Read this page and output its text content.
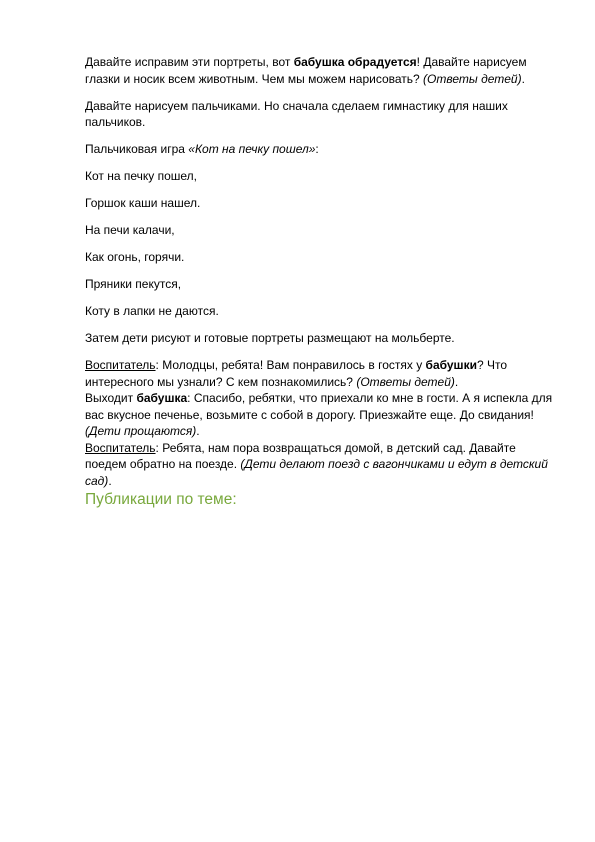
Давайте исправим эти портреты, вот бабушка обрадуется! Давайте нарисуем глазки и носик всем животным. Чем мы можем нарисовать? (Ответы детей).

Давайте нарисуем пальчиками. Но сначала сделаем гимнастику для наших пальчиков.

Пальчиковая игра «Кот на печку пошел»:

Кот на печку пошел,

Горшок каши нашел.

На печи калачи,

Как огонь, горячи.

Пряники пекутся,

Коту в лапки не даются.

Затем дети рисуют и готовые портреты размещают на мольберте.

Воспитатель: Молодцы, ребята! Вам понравилось в гостях у бабушки? Что интересного мы узнали? С кем познакомились? (Ответы детей).

Выходит бабушка: Спасибо, ребятки, что приехали ко мне в гости. А я испекла для вас вкусное печенье, возьмите с собой в дорогу. Приезжайте еще. До свидания! (Дети прощаются).

Воспитатель: Ребята, нам пора возвращаться домой, в детский сад. Давайте поедем обратно на поезде. (Дети делают поезд с вагончиками и едут в детский сад).

Публикации по теме:
